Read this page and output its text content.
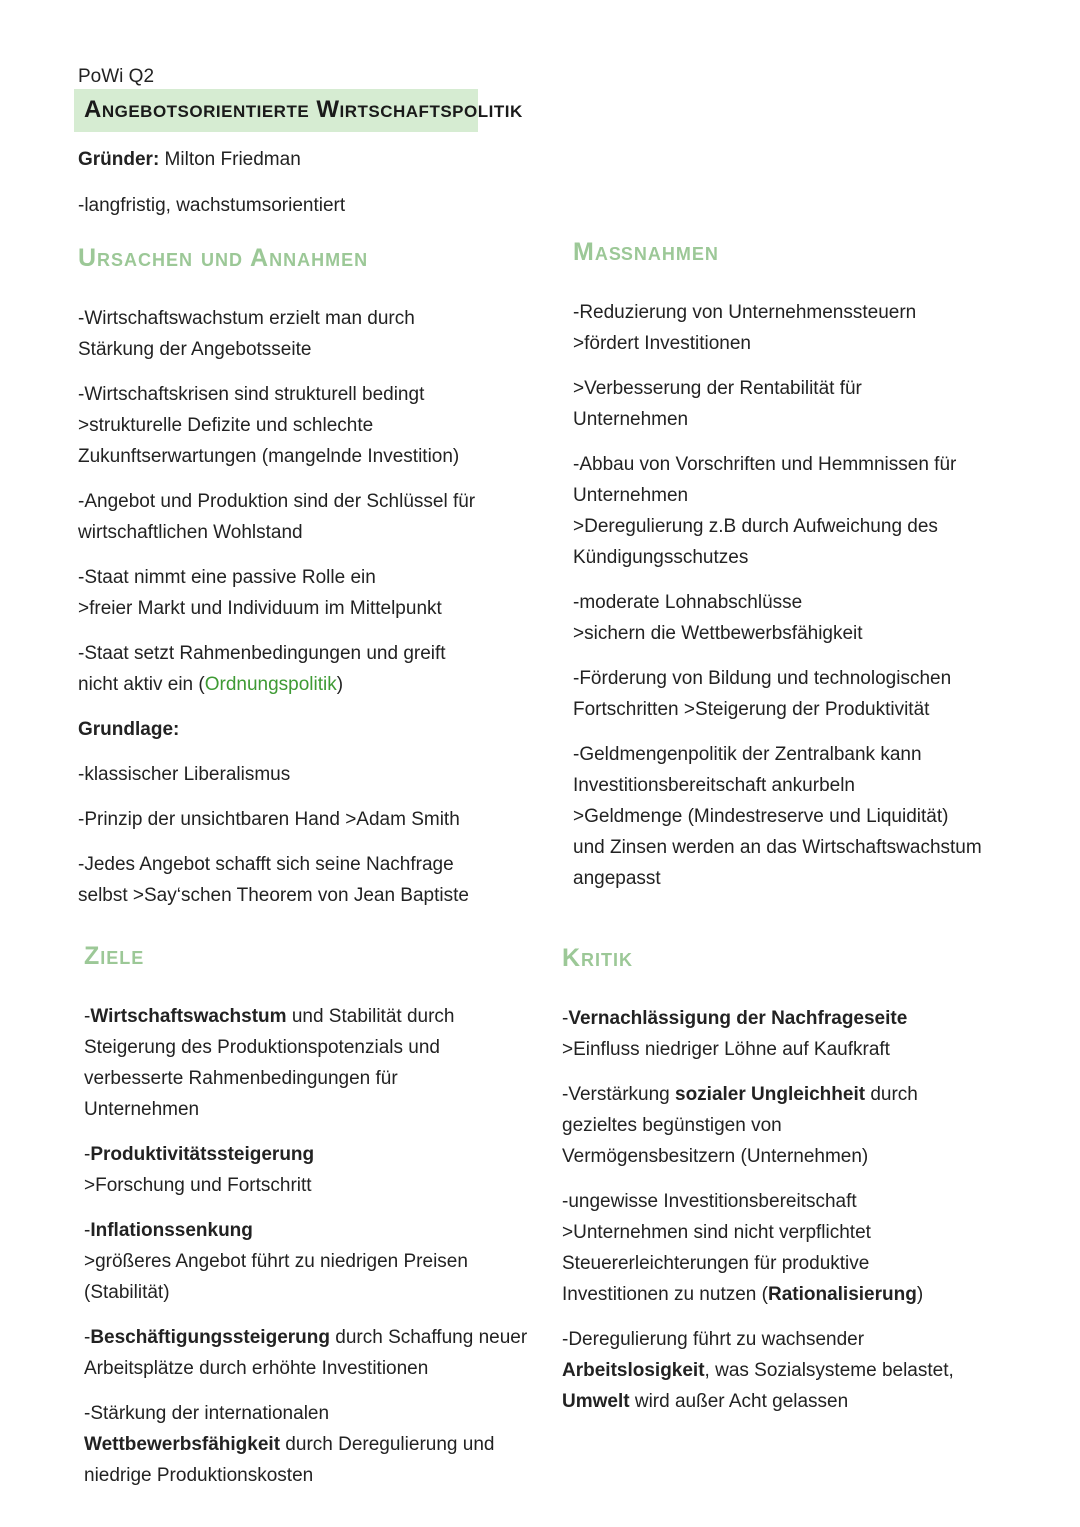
PoWi Q2
Angebotsorientierte Wirtschaftspolitik
Gründer: Milton Friedman
-langfristig, wachstumsorientiert
Ursachen und Annahmen
-Wirtschaftswachstum erzielt man durch
Stärkung der Angebotsseite
-Wirtschaftskrisen sind strukturell bedingt
>strukturelle Defizite und schlechte
Zukunftserwartungen (mangelnde Investition)
-Angebot und Produktion sind der Schlüssel für
wirtschaftlichen Wohlstand
-Staat nimmt eine passive Rolle ein
>freier Markt und Individuum im Mittelpunkt
-Staat setzt Rahmenbedingungen und greift
nicht aktiv ein (Ordnungspolitik)
Grundlage:
-klassischer Liberalismus
-Prinzip der unsichtbaren Hand >Adam Smith
-Jedes Angebot schafft sich seine Nachfrage
selbst >Say‘schen Theorem von Jean Baptiste
Maßnahmen
-Reduzierung von Unternehmenssteuern
>fördert Investitionen
>Verbesserung der Rentabilität für
Unternehmen
-Abbau von Vorschriften und Hemmnissen für
Unternehmen
>Deregulierung z.B durch Aufweichung des
Kündigungsschutzes
-moderate Lohnabschlüsse
>sichern die Wettbewerbsfähigkeit
-Förderung von Bildung und technologischen
Fortschritten >Steigerung der Produktivität
-Geldmengenpolitik der Zentralbank kann
Investitionsbereitschaft ankurbeln
>Geldmenge (Mindestreserve und Liquidität)
und Zinsen werden an das Wirtschaftswachstum
angepasst
Ziele
-Wirtschaftswachstum und Stabilität durch
Steigerung des Produktionspotenzials und
verbesserte Rahmenbedingungen für
Unternehmen
-Produktivitätssteigerung
>Forschung und Fortschritt
-Inflationssenkung
>größeres Angebot führt zu niedrigen Preisen
(Stabilität)
-Beschäftigungssteigerung durch Schaffung neuer
Arbeitsplätze durch erhöhte Investitionen
-Stärkung der internationalen
Wettbewerbsfähigkeit durch Deregulierung und
niedrige Produktionskosten
Kritik
-Vernachlässigung der Nachfrageseite
>Einfluss niedriger Löhne auf Kaufkraft
-Verstärkung sozialer Ungleichheit durch
gezieltes begünstigen von
Vermögensbesitzern (Unternehmen)
-ungewisse Investitionsbereitschaft
>Unternehmen sind nicht verpflichtet
Steuererleichterungen für produktive
Investitionen zu nutzen (Rationalisierung)
-Deregulierung führt zu wachsender
Arbeitslosigkeit, was Sozialsysteme belastet,
Umwelt wird außer Acht gelassen
